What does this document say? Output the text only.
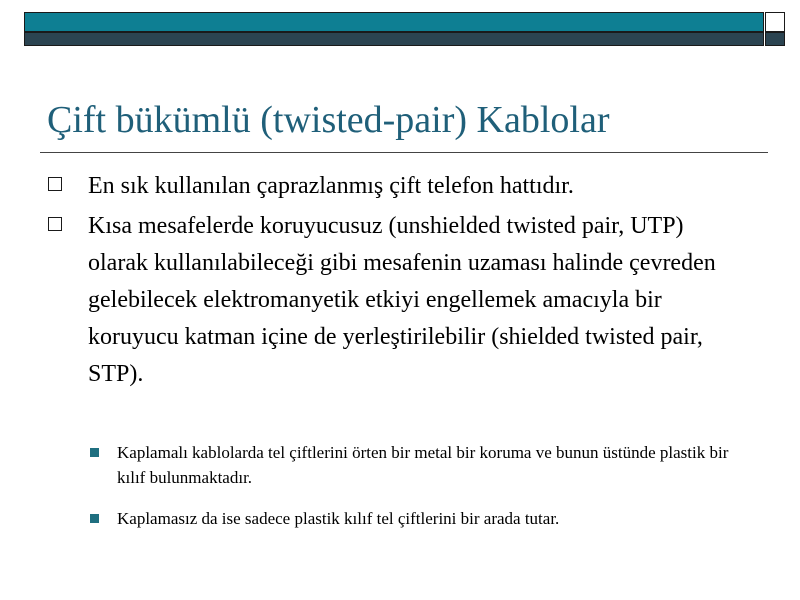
Çift bükümlü (twisted-pair) Kablolar
En sık kullanılan çaprazlanmış çift telefon hattıdır.
Kısa mesafelerde koruyucusuz (unshielded twisted pair, UTP) olarak kullanılabileceği gibi mesafenin uzaması halinde çevreden gelebilecek elektromanyetik etkiyi engellemek amacıyla bir koruyucu katman içine de yerleştirilebilir (shielded twisted pair, STP).
Kaplamalı kablolarda tel çiftlerini örten bir metal bir koruma ve bunun üstünde plastik bir kılıf bulunmaktadır.
Kaplamasız da ise sadece plastik kılıf tel çiftlerini bir arada tutar.
